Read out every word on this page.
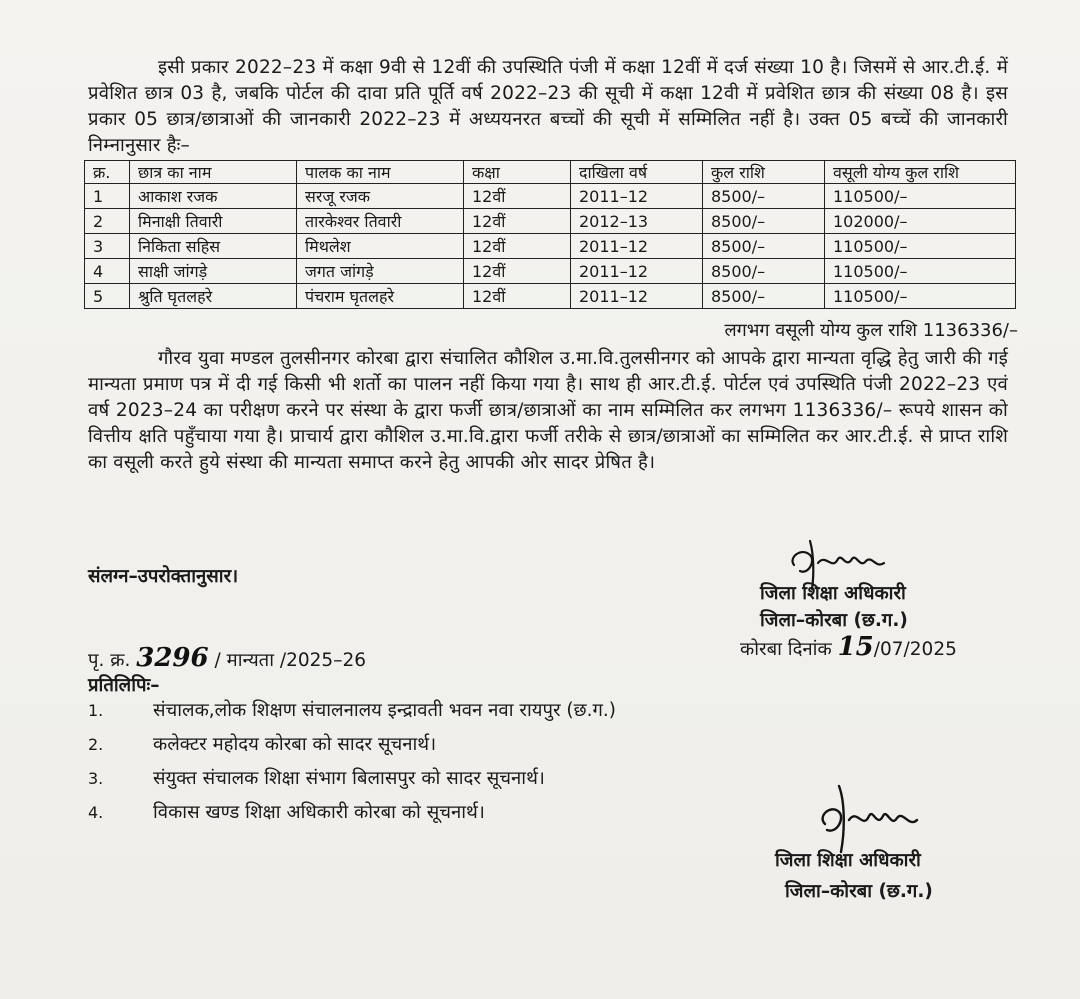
इसी प्रकार 2022–23 में कक्षा 9वी से 12वीं की उपस्थिति पंजी में कक्षा 12वीं में दर्ज संख्या 10 है। जिसमें से आर.टी.ई. में प्रवेशित छात्र 03 है, जबकि पोर्टल की दावा प्रति पूर्ति वर्ष 2022–23 की सूची में कक्षा 12वी में प्रवेशित छात्र की संख्या 08 है। इस प्रकार 05 छात्र/छात्राओं की जानकारी 2022–23 में अध्ययनरत बच्चों की सूची में सम्मिलित नहीं है। उक्त 05 बच्चें की जानकारी निम्नानुसार हैः–
क्र.	छात्र का नाम	पालक का नाम	कक्षा	दाखिला वर्ष	कुल राशि	वसूली योग्य कुल राशि
1	आकाश रजक	सरजू रजक	12वीं	2011–12	8500/–	110500/–
2	मिनाक्षी तिवारी	तारकेश्वर तिवारी	12वीं	2012–13	8500/–	102000/–
3	निकिता सहिस	मिथलेश	12वीं	2011–12	8500/–	110500/–
4	साक्षी जांगड़े	जगत जांगड़े	12वीं	2011–12	8500/–	110500/–
5	श्रुति घृतलहरे	पंचराम घृतलहरे	12वीं	2011–12	8500/–	110500/–
लगभग वसूली योग्य कुल राशि 1136336/–
गौरव युवा मण्डल तुलसीनगर कोरबा द्वारा संचालित कौशिल उ.मा.वि.तुलसीनगर को आपके द्वारा मान्यता वृद्धि हेतु जारी की गई मान्यता प्रमाण पत्र में दी गई किसी भी शर्तो का पालन नहीं किया गया है। साथ ही आर.टी.ई. पोर्टल एवं उपस्थिति पंजी 2022–23 एवं वर्ष 2023–24 का परीक्षण करने पर संस्था के द्वारा फर्जी छात्र/छात्राओं का नाम सम्मिलित कर लगभग 1136336/– रूपये शासन को वित्तीय क्षति पहुँचाया गया है। प्राचार्य द्वारा कौशिल उ.मा.वि.द्वारा फर्जी तरीके से छात्र/छात्राओं का सम्मिलित कर आर.टी.ई. से प्राप्त राशि का वसूली करते हुये संस्था की मान्यता समाप्त करने हेतु आपकी ओर सादर प्रेषित है।
संलग्न–उपरोक्तानुसार।
जिला शिक्षा अधिकारी
जिला–कोरबा (छ.ग.)
कोरबा दिनांक 15/07/2025
पृ. क्र. 3296 / मान्यता /2025–26
प्रतिलिपिः–
1.	संचालक,लोक शिक्षण संचालनालय इन्द्रावती भवन नवा रायपुर (छ.ग.)
2.	कलेक्टर महोदय कोरबा को सादर सूचनार्थ।
3.	संयुक्त संचालक शिक्षा संभाग बिलासपुर को सादर सूचनार्थ।
4.	विकास खण्ड शिक्षा अधिकारी कोरबा को सूचनार्थ।
जिला शिक्षा अधिकारी
जिला–कोरबा (छ.ग.)
